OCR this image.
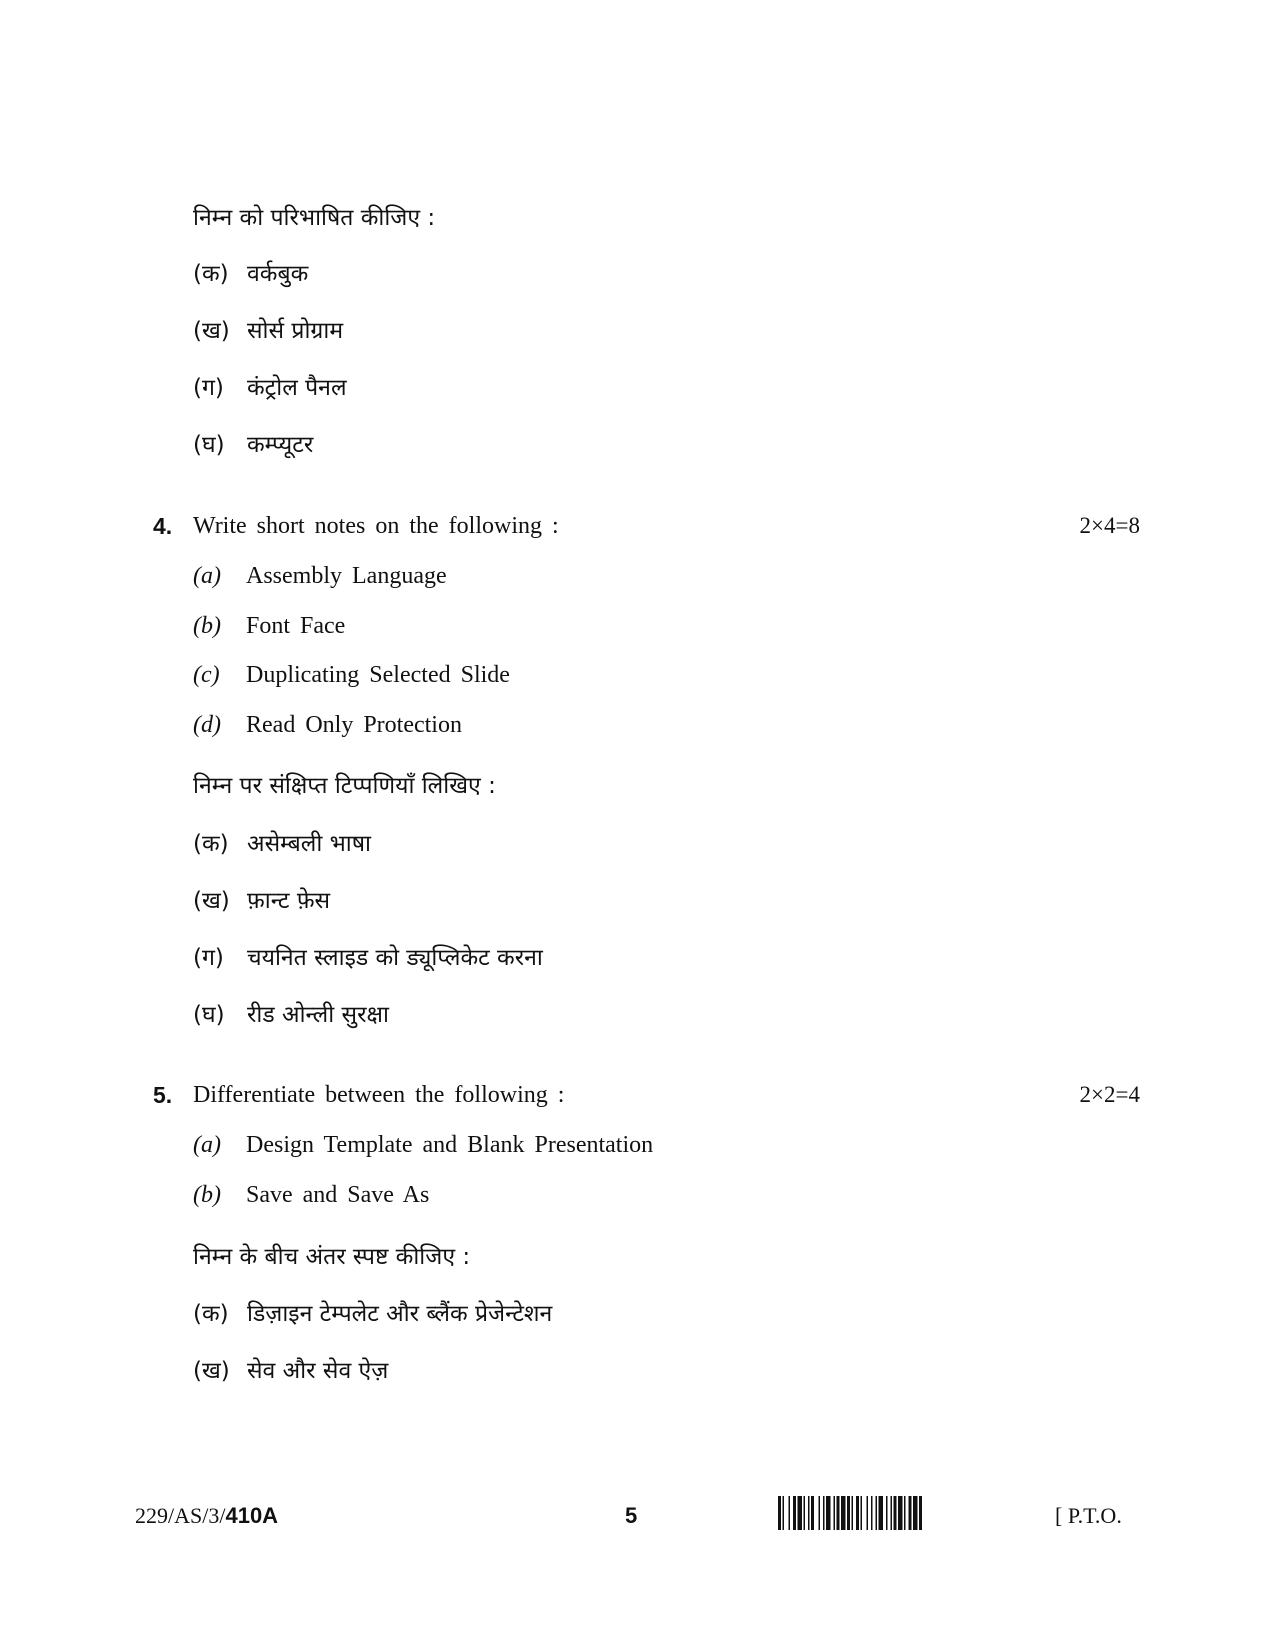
निम्न को परिभाषित कीजिए :
(क) वर्कबुक
(ख) सोर्स प्रोग्राम
(ग) कंट्रोल पैनल
(घ) कम्प्यूटर
4. Write short notes on the following :	2×4=8
(a) Assembly Language
(b) Font Face
(c) Duplicating Selected Slide
(d) Read Only Protection
निम्न पर संक्षिप्त टिप्पणियाँ लिखिए :
(क) असेम्बली भाषा
(ख) फ़ान्ट फ़ेस
(ग) चयनित स्लाइड को ड्यूप्लिकेट करना
(घ) रीड ओन्ली सुरक्षा
5. Differentiate between the following :	2×2=4
(a) Design Template and Blank Presentation
(b) Save and Save As
निम्न के बीच अंतर स्पष्ट कीजिए :
(क) डिज़ाइन टेम्पलेट और ब्लैंक प्रेजेन्टेशन
(ख) सेव और सेव ऐज़
229/AS/3/410A	5	[ P.T.O.
